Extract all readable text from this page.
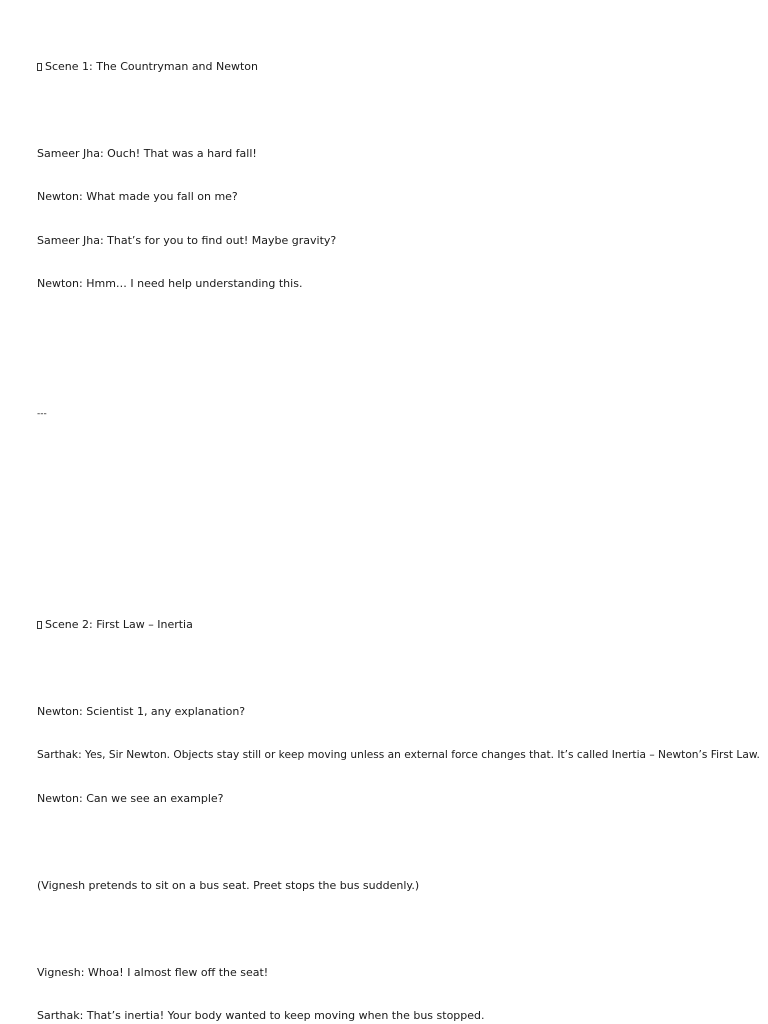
Scene 1: The Countryman and Newton
Sameer Jha: Ouch! That was a hard fall!
Newton: What made you fall on me?
Sameer Jha: That’s for you to find out! Maybe gravity?
Newton: Hmm… I need help understanding this.
---
Scene 2: First Law – Inertia
Newton: Scientist 1, any explanation?
Sarthak: Yes, Sir Newton. Objects stay still or keep moving unless an external force changes that. It’s called Inertia – Newton’s First Law.
Newton: Can we see an example?
(Vignesh pretends to sit on a bus seat. Preet stops the bus suddenly.)
Vignesh: Whoa! I almost flew off the seat!
Sarthak: That’s inertia! Your body wanted to keep moving when the bus stopped.
